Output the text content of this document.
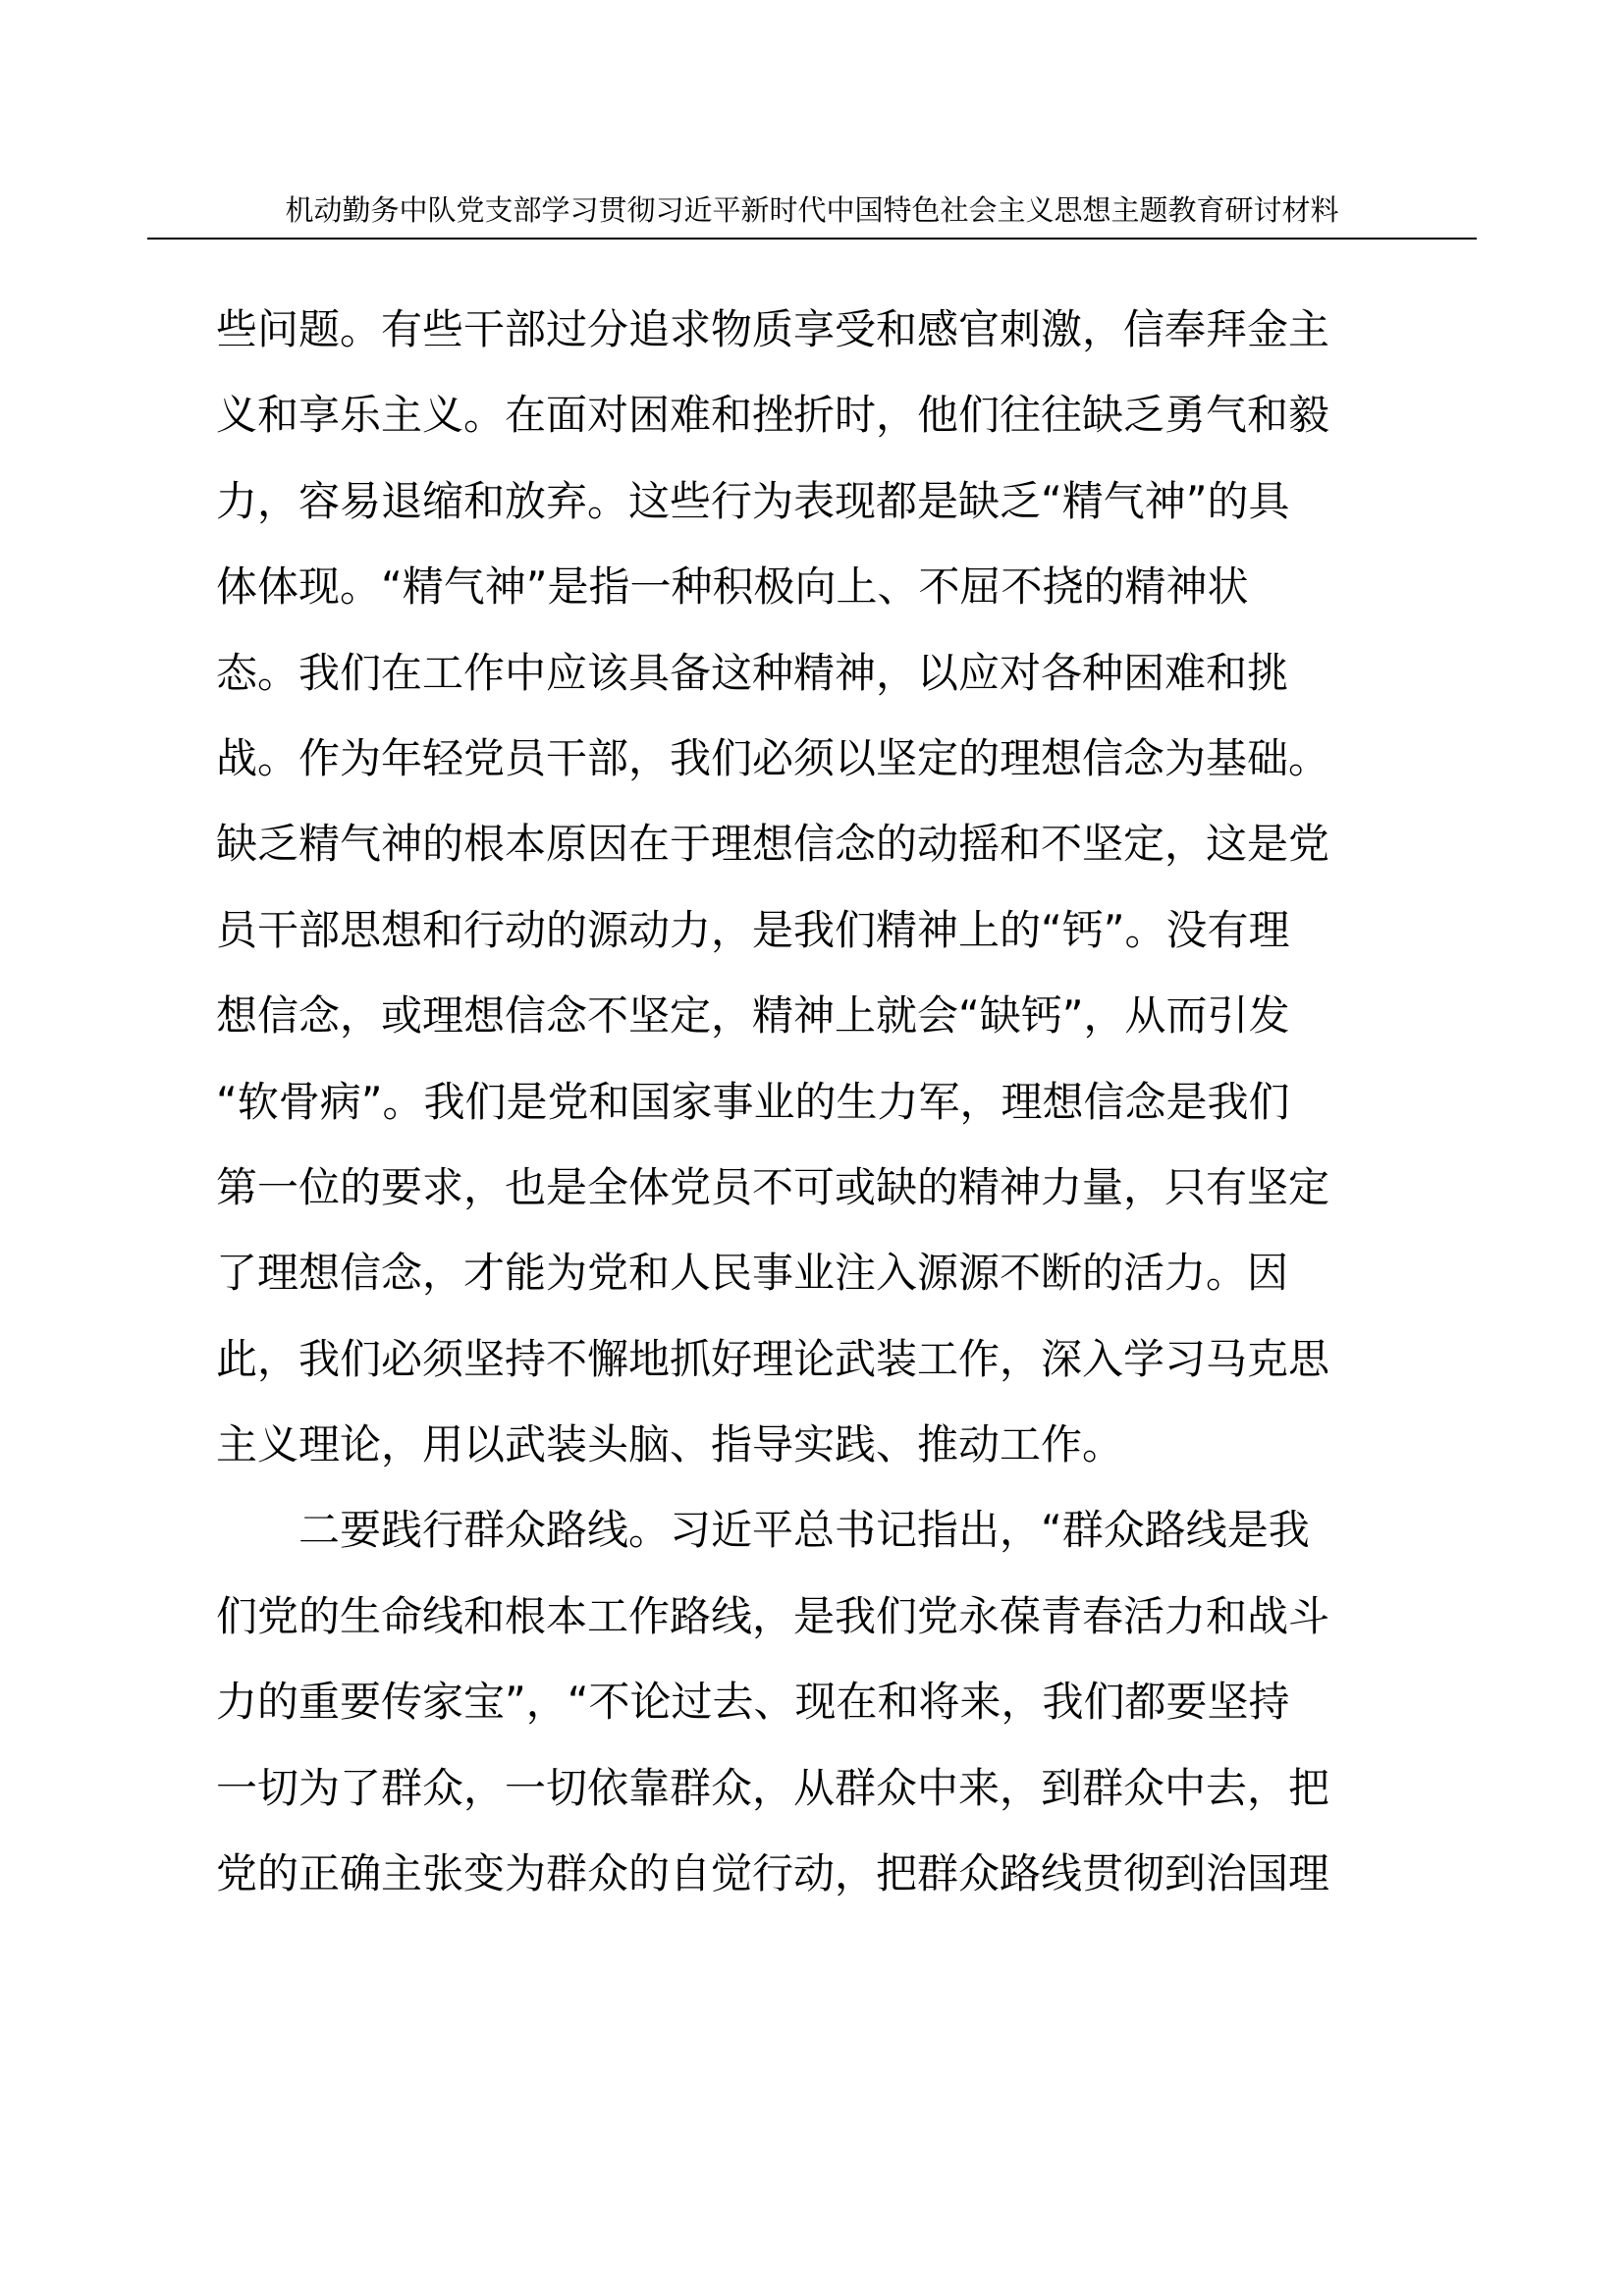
机动勤务中队党支部学习贯彻习近平新时代中国特色社会主义思想主题教育研讨材料
些问题。有些干部过分追求物质享受和感官刺激，信奉拜金主
义和享乐主义。在面对困难和挫折时，他们往往缺乏勇气和毅
力，容易退缩和放弃。这些行为表现都是缺乏“精气神”的具
体体现。“精气神”是指一种积极向上、不屈不挠的精神状
态。我们在工作中应该具备这种精神，以应对各种困难和挑
战。作为年轻党员干部，我们必须以坚定的理想信念为基础。
缺乏精气神的根本原因在于理想信念的动摇和不坚定，这是党
员干部思想和行动的源动力，是我们精神上的“钙”。没有理
想信念，或理想信念不坚定，精神上就会“缺钙”，从而引发
“软骨病”。我们是党和国家事业的生力军，理想信念是我们
第一位的要求，也是全体党员不可或缺的精神力量，只有坚定
了理想信念，才能为党和人民事业注入源源不断的活力。因
此，我们必须坚持不懈地抓好理论武装工作，深入学习马克思
主义理论，用以武装头脑、指导实践、推动工作。
二要践行群众路线。习近平总书记指出，“群众路线是我
们党的生命线和根本工作路线，是我们党永葆青春活力和战斗
力的重要传家宝”，“不论过去、现在和将来，我们都要坚持
一切为了群众，一切依靠群众，从群众中来，到群众中去，把
党的正确主张变为群众的自觉行动，把群众路线贯彻到治国理
